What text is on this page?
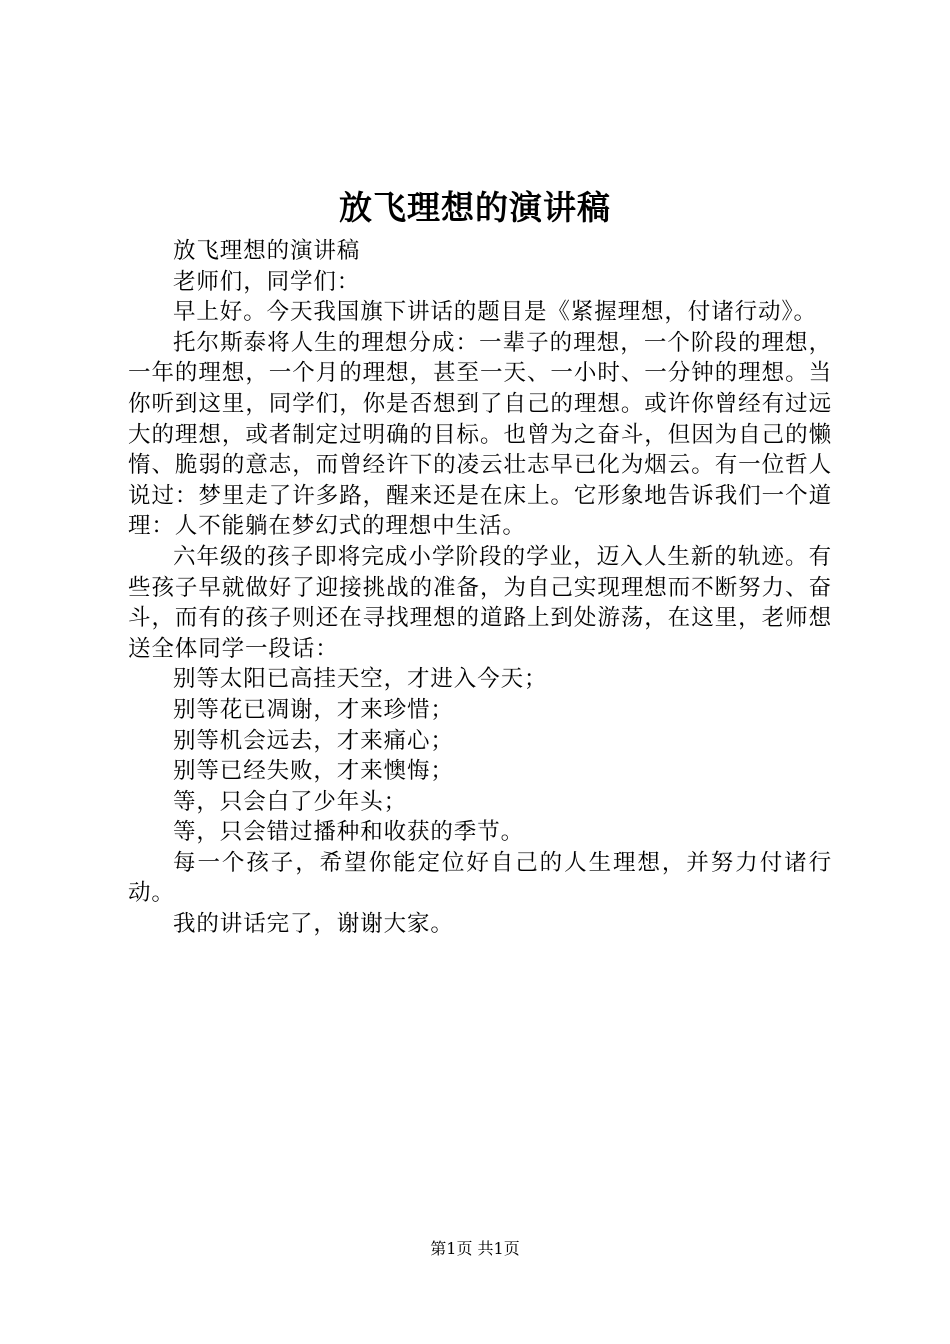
放飞理想的演讲稿

放飞理想的演讲稿

老师们，同学们：

早上好。今天我国旗下讲话的题目是《紧握理想，付诸行动》。

托尔斯泰将人生的理想分成：一辈子的理想，一个阶段的理想，一年的理想，一个月的理想，甚至一天、一小时、一分钟的理想。当你听到这里，同学们，你是否想到了自己的理想。或许你曾经有过远大的理想，或者制定过明确的目标。也曾为之奋斗，但因为自己的懒惰、脆弱的意志，而曾经许下的凌云壮志早已化为烟云。有一位哲人说过：梦里走了许多路，醒来还是在床上。它形象地告诉我们一个道理：人不能躺在梦幻式的理想中生活。

六年级的孩子即将完成小学阶段的学业，迈入人生新的轨迹。有些孩子早就做好了迎接挑战的准备，为自己实现理想而不断努力、奋斗，而有的孩子则还在寻找理想的道路上到处游荡，在这里，老师想送全体同学一段话：

别等太阳已高挂天空，才进入今天；

别等花已凋谢，才来珍惜；

别等机会远去，才来痛心；

别等已经失败，才来懊悔；

等，只会白了少年头；

等，只会错过播种和收获的季节。

每一个孩子，希望你能定位好自己的人生理想，并努力付诸行动。

我的讲话完了，谢谢大家。

第1页 共1页
